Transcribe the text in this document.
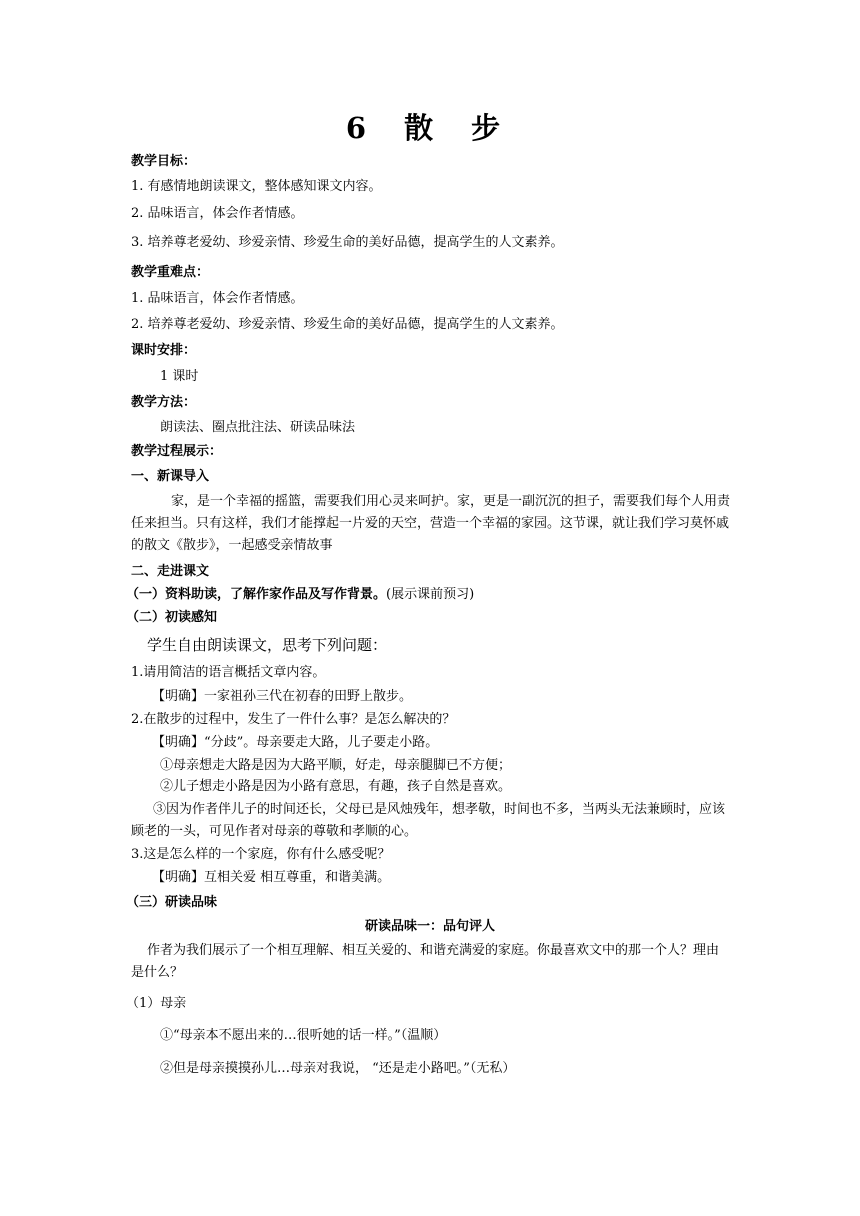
6 散 步
教学目标：
1. 有感情地朗读课文，整体感知课文内容。
2. 品味语言，体会作者情感。
3. 培养尊老爱幼、珍爱亲情、珍爱生命的美好品德，提高学生的人文素养。
教学重难点：
1. 品味语言，体会作者情感。
2. 培养尊老爱幼、珍爱亲情、珍爱生命的美好品德，提高学生的人文素养。
课时安排：
1 课时
教学方法：
朗读法、圈点批注法、研读品味法
教学过程展示：
一、新课导入
家，是一个幸福的摇篮，需要我们用心灵来呵护。家，更是一副沉沉的担子，需要我们每个人用责任来担当。只有这样，我们才能撑起一片爱的天空，营造一个幸福的家园。这节课，就让我们学习莫怀戚的散文《散步》，一起感受亲情故事
二、走进课文
（一）资料助读，了解作家作品及写作背景。(展示课前预习)
（二）初读感知
学生自由朗读课文，思考下列问题：
1.请用简洁的语言概括文章内容。
【明确】一家祖孙三代在初春的田野上散步。
2.在散步的过程中，发生了一件什么事？是怎么解决的？
【明确】“分歧”。母亲要走大路，儿子要走小路。
①母亲想走大路是因为大路平顺，好走，母亲腿脚已不方便；
②儿子想走小路是因为小路有意思，有趣，孩子自然是喜欢。
③因为作者伴儿子的时间还长，父母已是风烛残年，想孝敬，时间也不多，当两头无法兼顾时，应该顾老的一头，可见作者对母亲的尊敬和孝顺的心。
3.这是怎么样的一个家庭，你有什么感受呢？
【明确】互相关爱 相互尊重，和谐美满。
（三）研读品味
研读品味一：品句评人
作者为我们展示了一个相互理解、相互关爱的、和谐充满爱的家庭。你最喜欢文中的那一个人？理由是什么？
（1）母亲
①“母亲本不愿出来的…很听她的话一样。”（温顺）
②但是母亲摸摸孙儿…母亲对我说， “还是走小路吧。”（无私）
